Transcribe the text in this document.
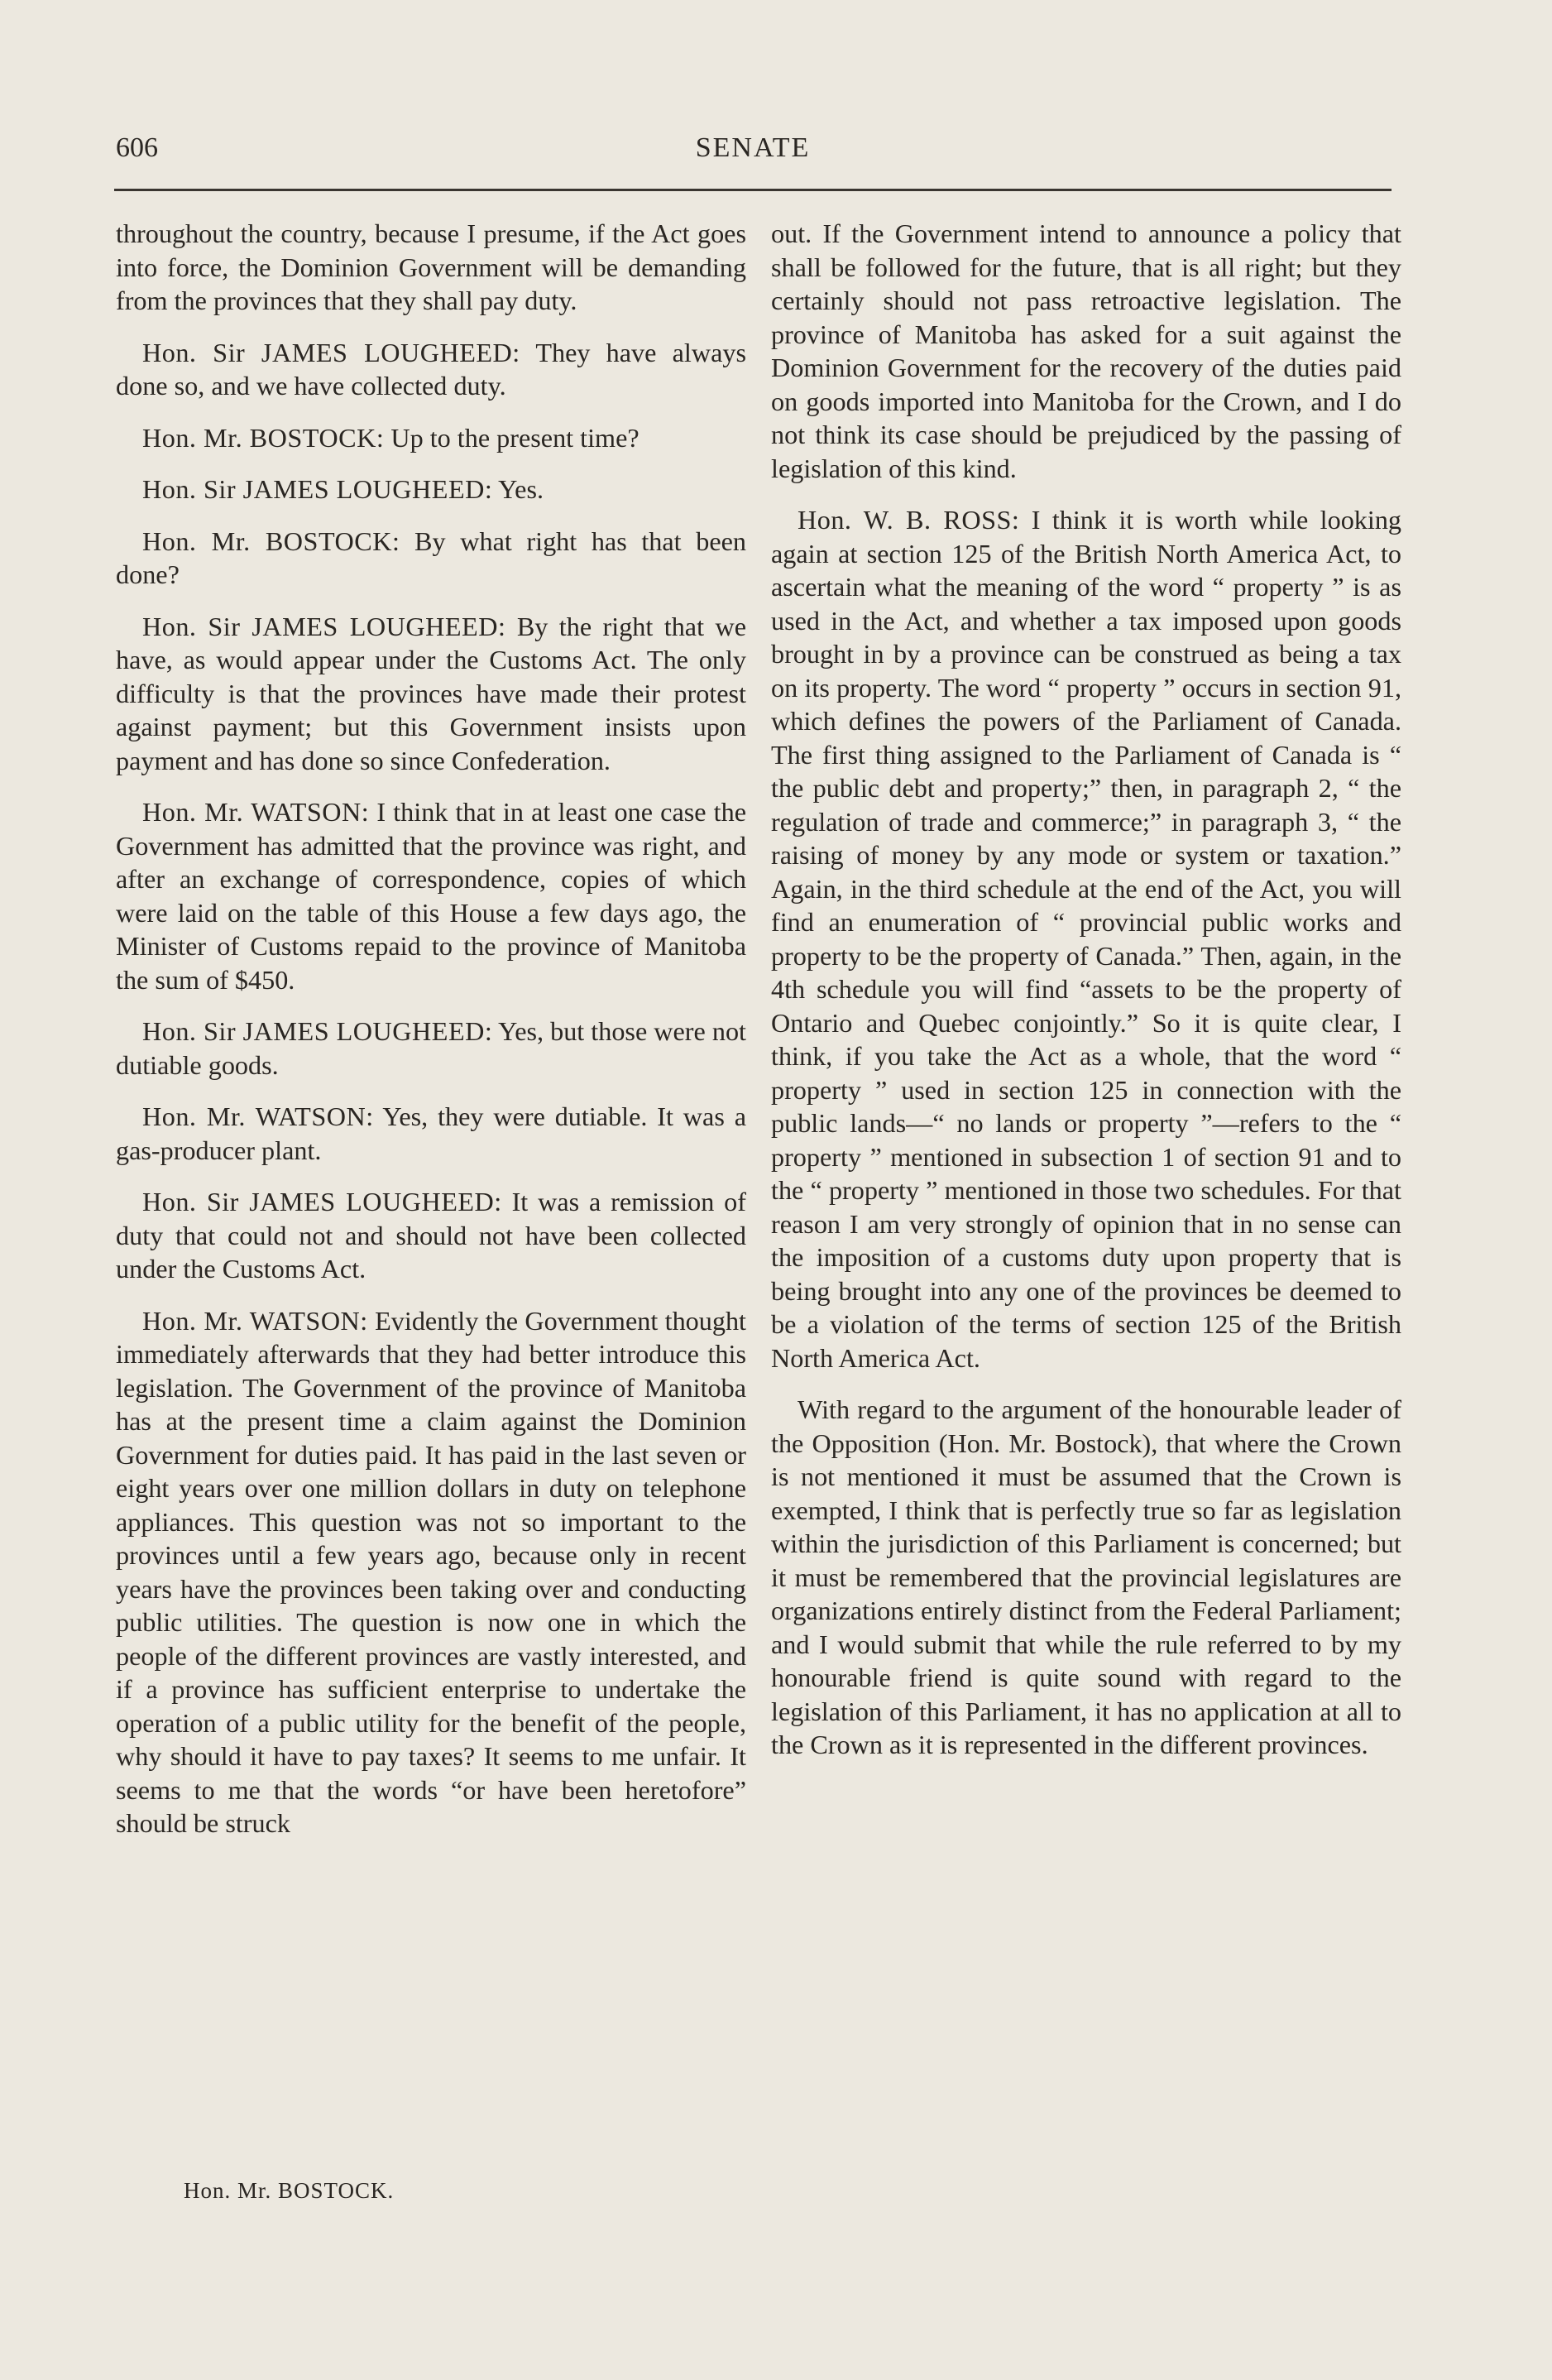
606	SENATE

throughout the country, because I presume, if the Act goes into force, the Dominion Government will be demanding from the provinces that they shall pay duty.

Hon. Sir JAMES LOUGHEED: They have always done so, and we have collected duty.

Hon. Mr. BOSTOCK: Up to the present time?

Hon. Sir JAMES LOUGHEED: Yes.

Hon. Mr. BOSTOCK: By what right has that been done?

Hon. Sir JAMES LOUGHEED: By the right that we have, as would appear under the Customs Act. The only difficulty is that the provinces have made their protest against payment; but this Government insists upon payment and has done so since Confederation.

Hon. Mr. WATSON: I think that in at least one case the Government has admitted that the province was right, and after an exchange of correspondence, copies of which were laid on the table of this House a few days ago, the Minister of Customs repaid to the province of Manitoba the sum of $450.

Hon. Sir JAMES LOUGHEED: Yes, but those were not dutiable goods.

Hon. Mr. WATSON: Yes, they were dutiable. It was a gas-producer plant.

Hon. Sir JAMES LOUGHEED: It was a remission of duty that could not and should not have been collected under the Customs Act.

Hon. Mr. WATSON: Evidently the Government thought immediately afterwards that they had better introduce this legislation. The Government of the province of Manitoba has at the present time a claim against the Dominion Government for duties paid. It has paid in the last seven or eight years over one million dollars in duty on telephone appliances. This question was not so important to the provinces until a few years ago, because only in recent years have the provinces been taking over and conducting public utilities. The question is now one in which the people of the different provinces are vastly interested, and if a province has sufficient enterprise to undertake the operation of a public utility for the benefit of the people, why should it have to pay taxes? It seems to me unfair. It seems to me that the words “or have been heretofore” should be struck

out. If the Government intend to announce a policy that shall be followed for the future, that is all right; but they certainly should not pass retroactive legislation. The province of Manitoba has asked for a suit against the Dominion Government for the recovery of the duties paid on goods imported into Manitoba for the Crown, and I do not think its case should be prejudiced by the passing of legislation of this kind.

Hon. W. B. ROSS: I think it is worth while looking again at section 125 of the British North America Act, to ascertain what the meaning of the word “ property ” is as used in the Act, and whether a tax imposed upon goods brought in by a province can be construed as being a tax on its property. The word “ property ” occurs in section 91, which defines the powers of the Parliament of Canada. The first thing assigned to the Parliament of Canada is “ the public debt and property;” then, in paragraph 2, “ the regulation of trade and commerce;” in paragraph 3, “ the raising of money by any mode or system or taxation.” Again, in the third schedule at the end of the Act, you will find an enumeration of “ provincial public works and property to be the property of Canada.” Then, again, in the 4th schedule you will find “assets to be the property of Ontario and Quebec conjointly.” So it is quite clear, I think, if you take the Act as a whole, that the word “ property ” used in section 125 in connection with the public lands—“ no lands or property ”—refers to the “ property ” mentioned in subsection 1 of section 91 and to the “ property ” mentioned in those two schedules. For that reason I am very strongly of opinion that in no sense can the imposition of a customs duty upon property that is being brought into any one of the provinces be deemed to be a violation of the terms of section 125 of the British North America Act.

With regard to the argument of the honourable leader of the Opposition (Hon. Mr. Bostock), that where the Crown is not mentioned it must be assumed that the Crown is exempted, I think that is perfectly true so far as legislation within the jurisdiction of this Parliament is concerned; but it must be remembered that the provincial legislatures are organizations entirely distinct from the Federal Parliament; and I would submit that while the rule referred to by my honourable friend is quite sound with regard to the legislation of this Parliament, it has no application at all to the Crown as it is represented in the different provinces.

Hon. Mr. BOSTOCK.
